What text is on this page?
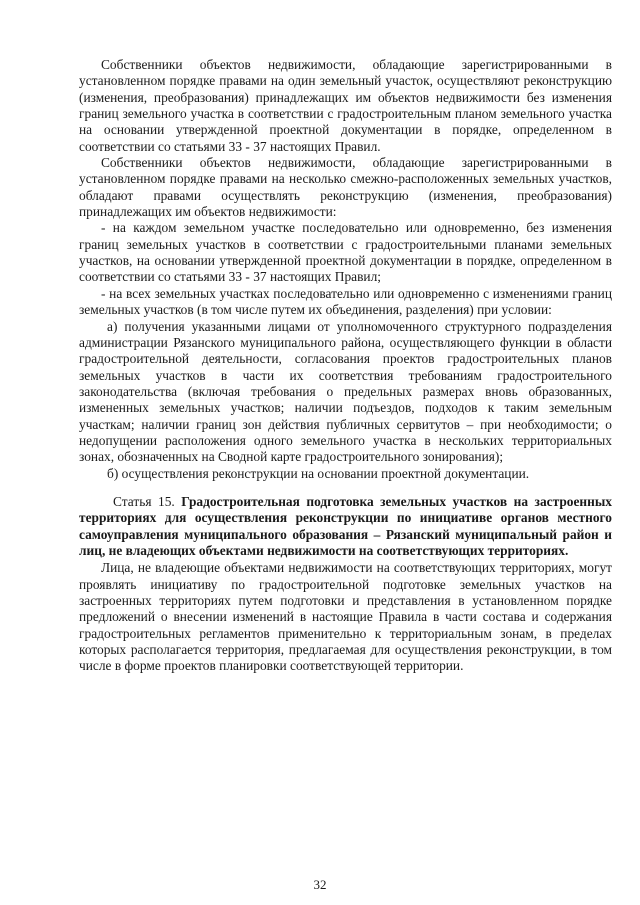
Собственники объектов недвижимости, обладающие зарегистрированными в установленном порядке правами на один земельный участок, осуществляют реконструкцию (изменения, преобразования) принадлежащих им объектов недвижимости без изменения границ земельного участка в соответствии с градостроительным планом земельного участка на основании утвержденной проектной документации в порядке, определенном в соответствии со статьями 33 - 37 настоящих Правил.

Собственники объектов недвижимости, обладающие зарегистрированными в установленном порядке правами на несколько смежно-расположенных земельных участков, обладают правами осуществлять реконструкцию (изменения, преобразования) принадлежащих им объектов недвижимости:

- на каждом земельном участке последовательно или одновременно, без изменения границ земельных участков в соответствии с градостроительными планами земельных участков, на основании утвержденной проектной документации в порядке, определенном в соответствии со статьями 33 - 37 настоящих Правил;

- на всех земельных участках последовательно или одновременно с изменениями границ земельных участков (в том числе путем их объединения, разделения) при условии:

а) получения указанными лицами от уполномоченного структурного подразделения администрации Рязанского муниципального района, осуществляющего функции в области градостроительной деятельности, согласования проектов градостроительных планов земельных участков в части их соответствия требованиям градостроительного законодательства (включая требования о предельных размерах вновь образованных, измененных земельных участков; наличии подъездов, подходов к таким земельным участкам; наличии границ зон действия публичных сервитутов – при необходимости; о недопущении расположения одного земельного участка в нескольких территориальных зонах, обозначенных на Сводной карте градостроительного зонирования);

б) осуществления реконструкции на основании проектной документации.

Статья 15. Градостроительная подготовка земельных участков на застроенных территориях для осуществления реконструкции по инициативе органов местного самоуправления муниципального образования – Рязанский муниципальный район и лиц, не владеющих объектами недвижимости на соответствующих территориях.

Лица, не владеющие объектами недвижимости на соответствующих территориях, могут проявлять инициативу по градостроительной подготовке земельных участков на застроенных территориях путем подготовки и представления в установленном порядке предложений о внесении изменений в настоящие Правила в части состава и содержания градостроительных регламентов применительно к территориальным зонам, в пределах которых располагается территория, предлагаемая для осуществления реконструкции, в том числе в форме проектов планировки соответствующей территории.

32
